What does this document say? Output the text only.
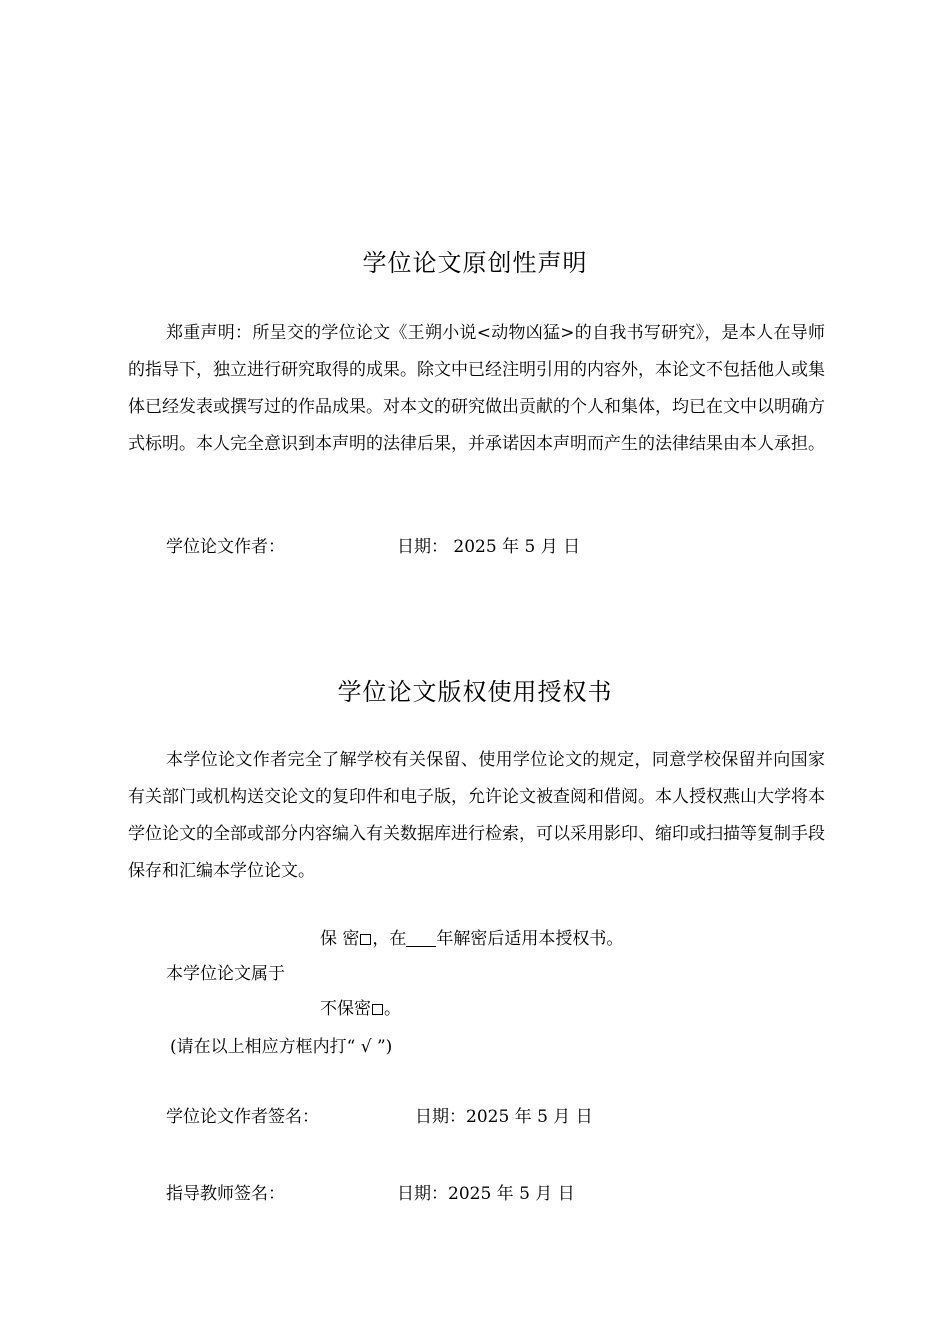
学位论文原创性声明

郑重声明：所呈交的学位论文《王朔小说<动物凶猛>的自我书写研究》，是本人在导师的指导下，独立进行研究取得的成果。除文中已经注明引用的内容外，本论文不包括他人或集体已经发表或撰写过的作品成果。对本文的研究做出贡献的个人和集体，均已在文中以明确方式标明。本人完全意识到本声明的法律后果，并承诺因本声明而产生的法律结果由本人承担。

学位论文作者：	日期： 2025 年 5 月 日
学位论文版权使用授权书

本学位论文作者完全了解学校有关保留、使用学位论文的规定，同意学校保留并向国家有关部门或机构送交论文的复印件和电子版，允许论文被查阅和借阅。本人授权燕山大学将本学位论文的全部或部分内容编入有关数据库进行检索，可以采用影印、缩印或扫描等复制手段保存和汇编本学位论文。

保 密 ，在 年解密后适用本授权书。
本学位论文属于
不保密 。
(请在以上相应方框内打“ √ ”)
学位论文作者签名：	日期：2025 年 5 月 日
指导教师签名：	日期：2025 年 5 月 日
